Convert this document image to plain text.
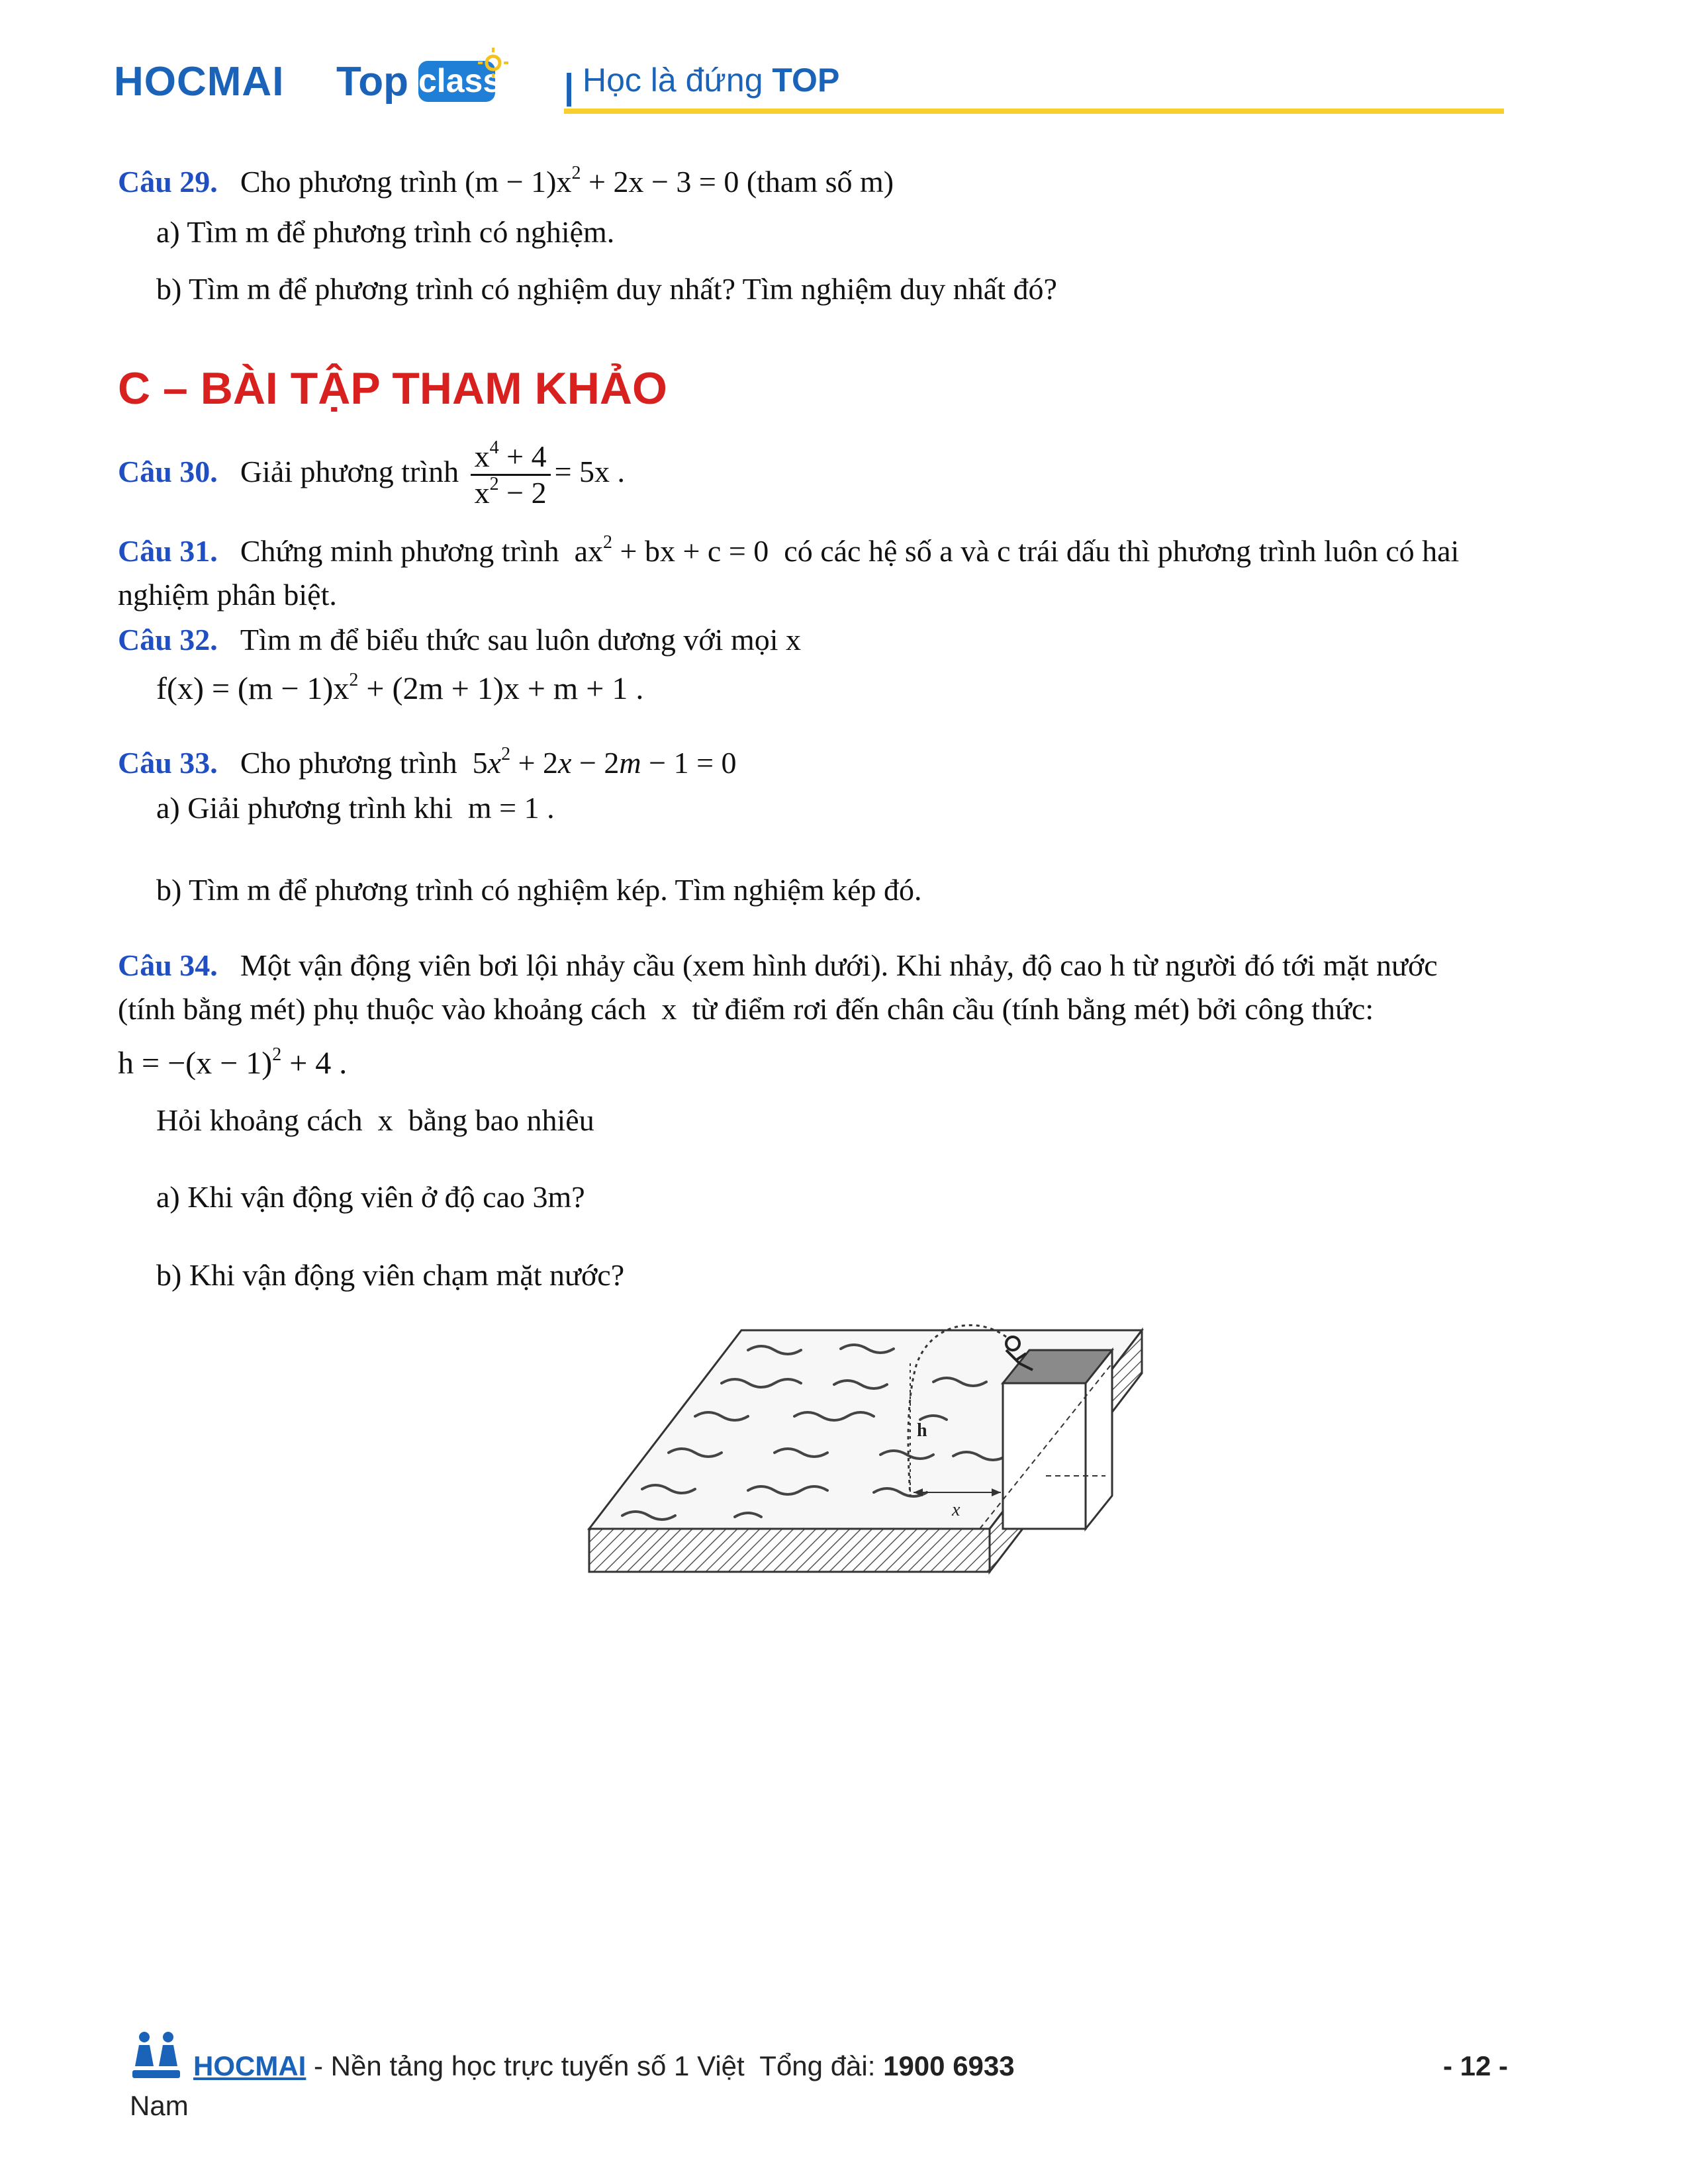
HOCMAI Top class | Học là đứng TOP
Câu 29. Cho phương trình $(m - 1)x^2 + 2x - 3 = 0$ (tham số m)
a) Tìm m để phương trình có nghiệm.
b) Tìm m để phương trình có nghiệm duy nhất? Tìm nghiệm duy nhất đó?
C – BÀI TẬP THAM KHẢO
Câu 30. Giải phương trình $\frac{x^4 + 4}{x^2 - 2} = 5x$ .
Câu 31. Chứng minh phương trình  $ax^2$ + bx + c = 0  có các hệ số a và c trái dấu thì phương trình luôn có hai
nghiệm phân biệt.
Câu 32. Tìm m để biểu thức sau luôn dương với mọi x
$f(x) = (m - 1)x^2 + (2m + 1)x + m + 1$ .
Câu 33. Cho phương trình  $5x^2 + 2x - 2m - 1 = 0$
a) Giải phương trình khi  m = 1 .
b) Tìm m để phương trình có nghiệm kép. Tìm nghiệm kép đó.
Câu 34. Một vận động viên bơi lội nhảy cầu (xem hình dưới). Khi nhảy, độ cao h từ người đó tới mặt nước
(tính bằng mét) phụ thuộc vào khoảng cách  x  từ điểm rơi đến chân cầu (tính bằng mét) bởi công thức:
$h = -(x - 1)^2 + 4$ .
Hỏi khoảng cách  x  bằng bao nhiêu
a) Khi vận động viên ở độ cao 3m?
b) Khi vận động viên chạm mặt nước?
h
x
HOCMAI - Nền tảng học trực tuyến số 1 Việt Tổng đài: 1900 6933
Nam
- 12 -
